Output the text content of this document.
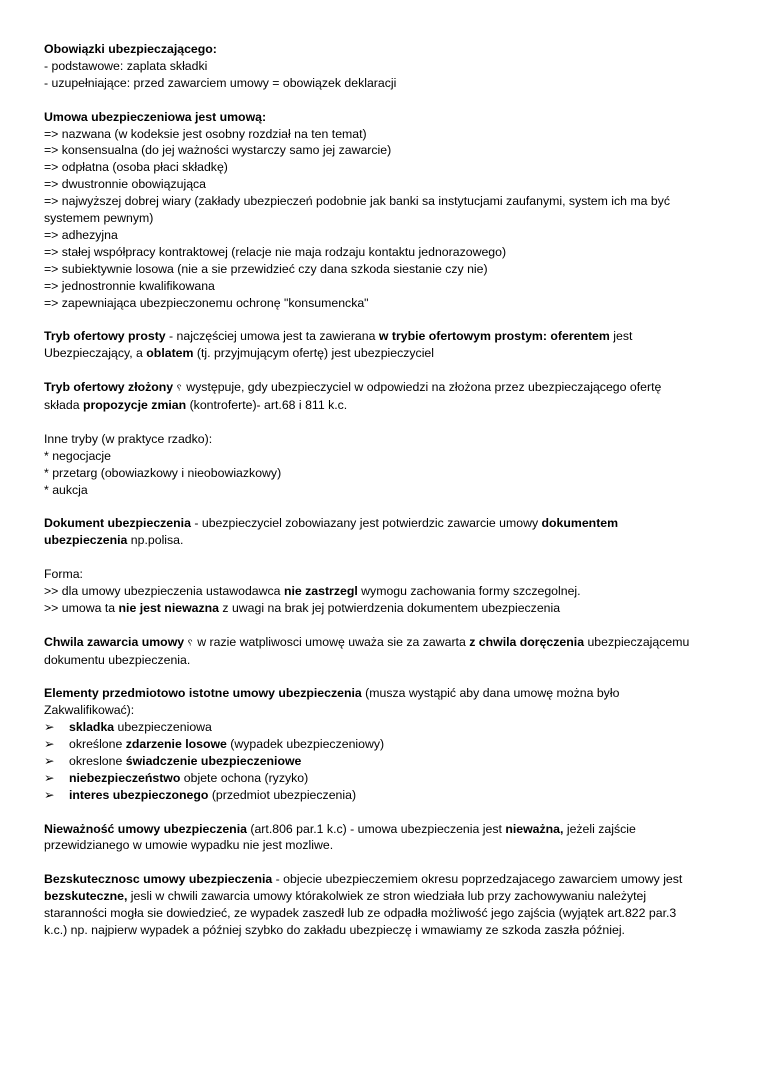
Obowiązki ubezpieczającego:

- podstawowe: zaplata składki

- uzupełniające: przed zawarciem umowy = obowiązek deklaracji

Umowa ubezpieczeniowa jest umową:

=> nazwana (w kodeksie jest osobny rozdział na ten temat)

=> konsensualna (do jej ważności wystarczy samo jej zawarcie)

=> odpłatna (osoba płaci składkę)

=> dwustronnie obowiązująca

=> najwyższej dobrej wiary (zakłady ubezpieczeń podobnie jak banki sa instytucjami zaufanymi, system ich ma być

systemem pewnym)

=> adhezyjna

=> stałej współpracy kontraktowej (relacje nie maja rodzaju kontaktu jednorazowego)

=> subiektywnie losowa (nie a sie przewidzieć czy dana szkoda siestanie czy nie)

=> jednostronnie kwalifikowana

=> zapewniająca ubezpieczonemu ochronę "konsumencka"

Tryb ofertowy prosty - najczęściej umowa jest ta zawierana w trybie ofertowym prostym: oferentem jest

Ubezpieczający, a oblatem (tj. przyjmującym ofertę) jest ubezpieczyciel

Tryb ofertowy złożony ␦ występuje, gdy ubezpieczyciel w odpowiedzi na złożona przez ubezpieczającego ofertę

składa propozycje zmian (kontroferte)- art.68 i 811 k.c.

Inne tryby (w praktyce rzadko):

* negocjacje

* przetarg (obowiazkowy i nieobowiazkowy)

* aukcja

Dokument ubezpieczenia - ubezpieczyciel zobowiazany jest potwierdzic zawarcie umowy dokumentem

ubezpieczenia np.polisa.

Forma:

>> dla umowy ubezpieczenia ustawodawca nie zastrzegl wymogu zachowania formy szczegolnej.

>> umowa ta nie jest niewazna z uwagi na brak jej potwierdzenia dokumentem ubezpieczenia

Chwila zawarcia umowy ␦ w razie watpliwosci umowę uważa sie za zawarta z chwila doręczenia ubezpieczającemu

dokumentu ubezpieczenia.

Elementy przedmiotowo istotne umowy ubezpieczenia (musza wystąpić aby dana umowę można było

Zakwalifikować):

➢ skladka ubezpieczeniowa

➢ określone zdarzenie losowe (wypadek ubezpieczeniowy)

➢ okreslone świadczenie ubezpieczeniowe

➢ niebezpieczeństwo objete ochona (ryzyko)

➢ interes ubezpieczonego (przedmiot ubezpieczenia)

Nieważność umowy ubezpieczenia (art.806 par.1 k.c) - umowa ubezpieczenia jest nieważna, jeżeli zajście

przewidzianego w umowie wypadku nie jest mozliwe.

Bezskutecznosc umowy ubezpieczenia - objecie ubezpieczemiem okresu poprzedzajacego zawarciem umowy jest

bezskuteczne, jesli w chwili zawarcia umowy którakolwiek ze stron wiedziała lub przy zachowywaniu należytej

staranności mogła sie dowiedzieć, ze wypadek zaszedł lub ze odpadła możliwość jego zajścia (wyjątek art.822 par.3

k.c.) np. najpierw wypadek a później szybko do zakładu ubezpieczę i wmawiamy ze szkoda zaszła później.
